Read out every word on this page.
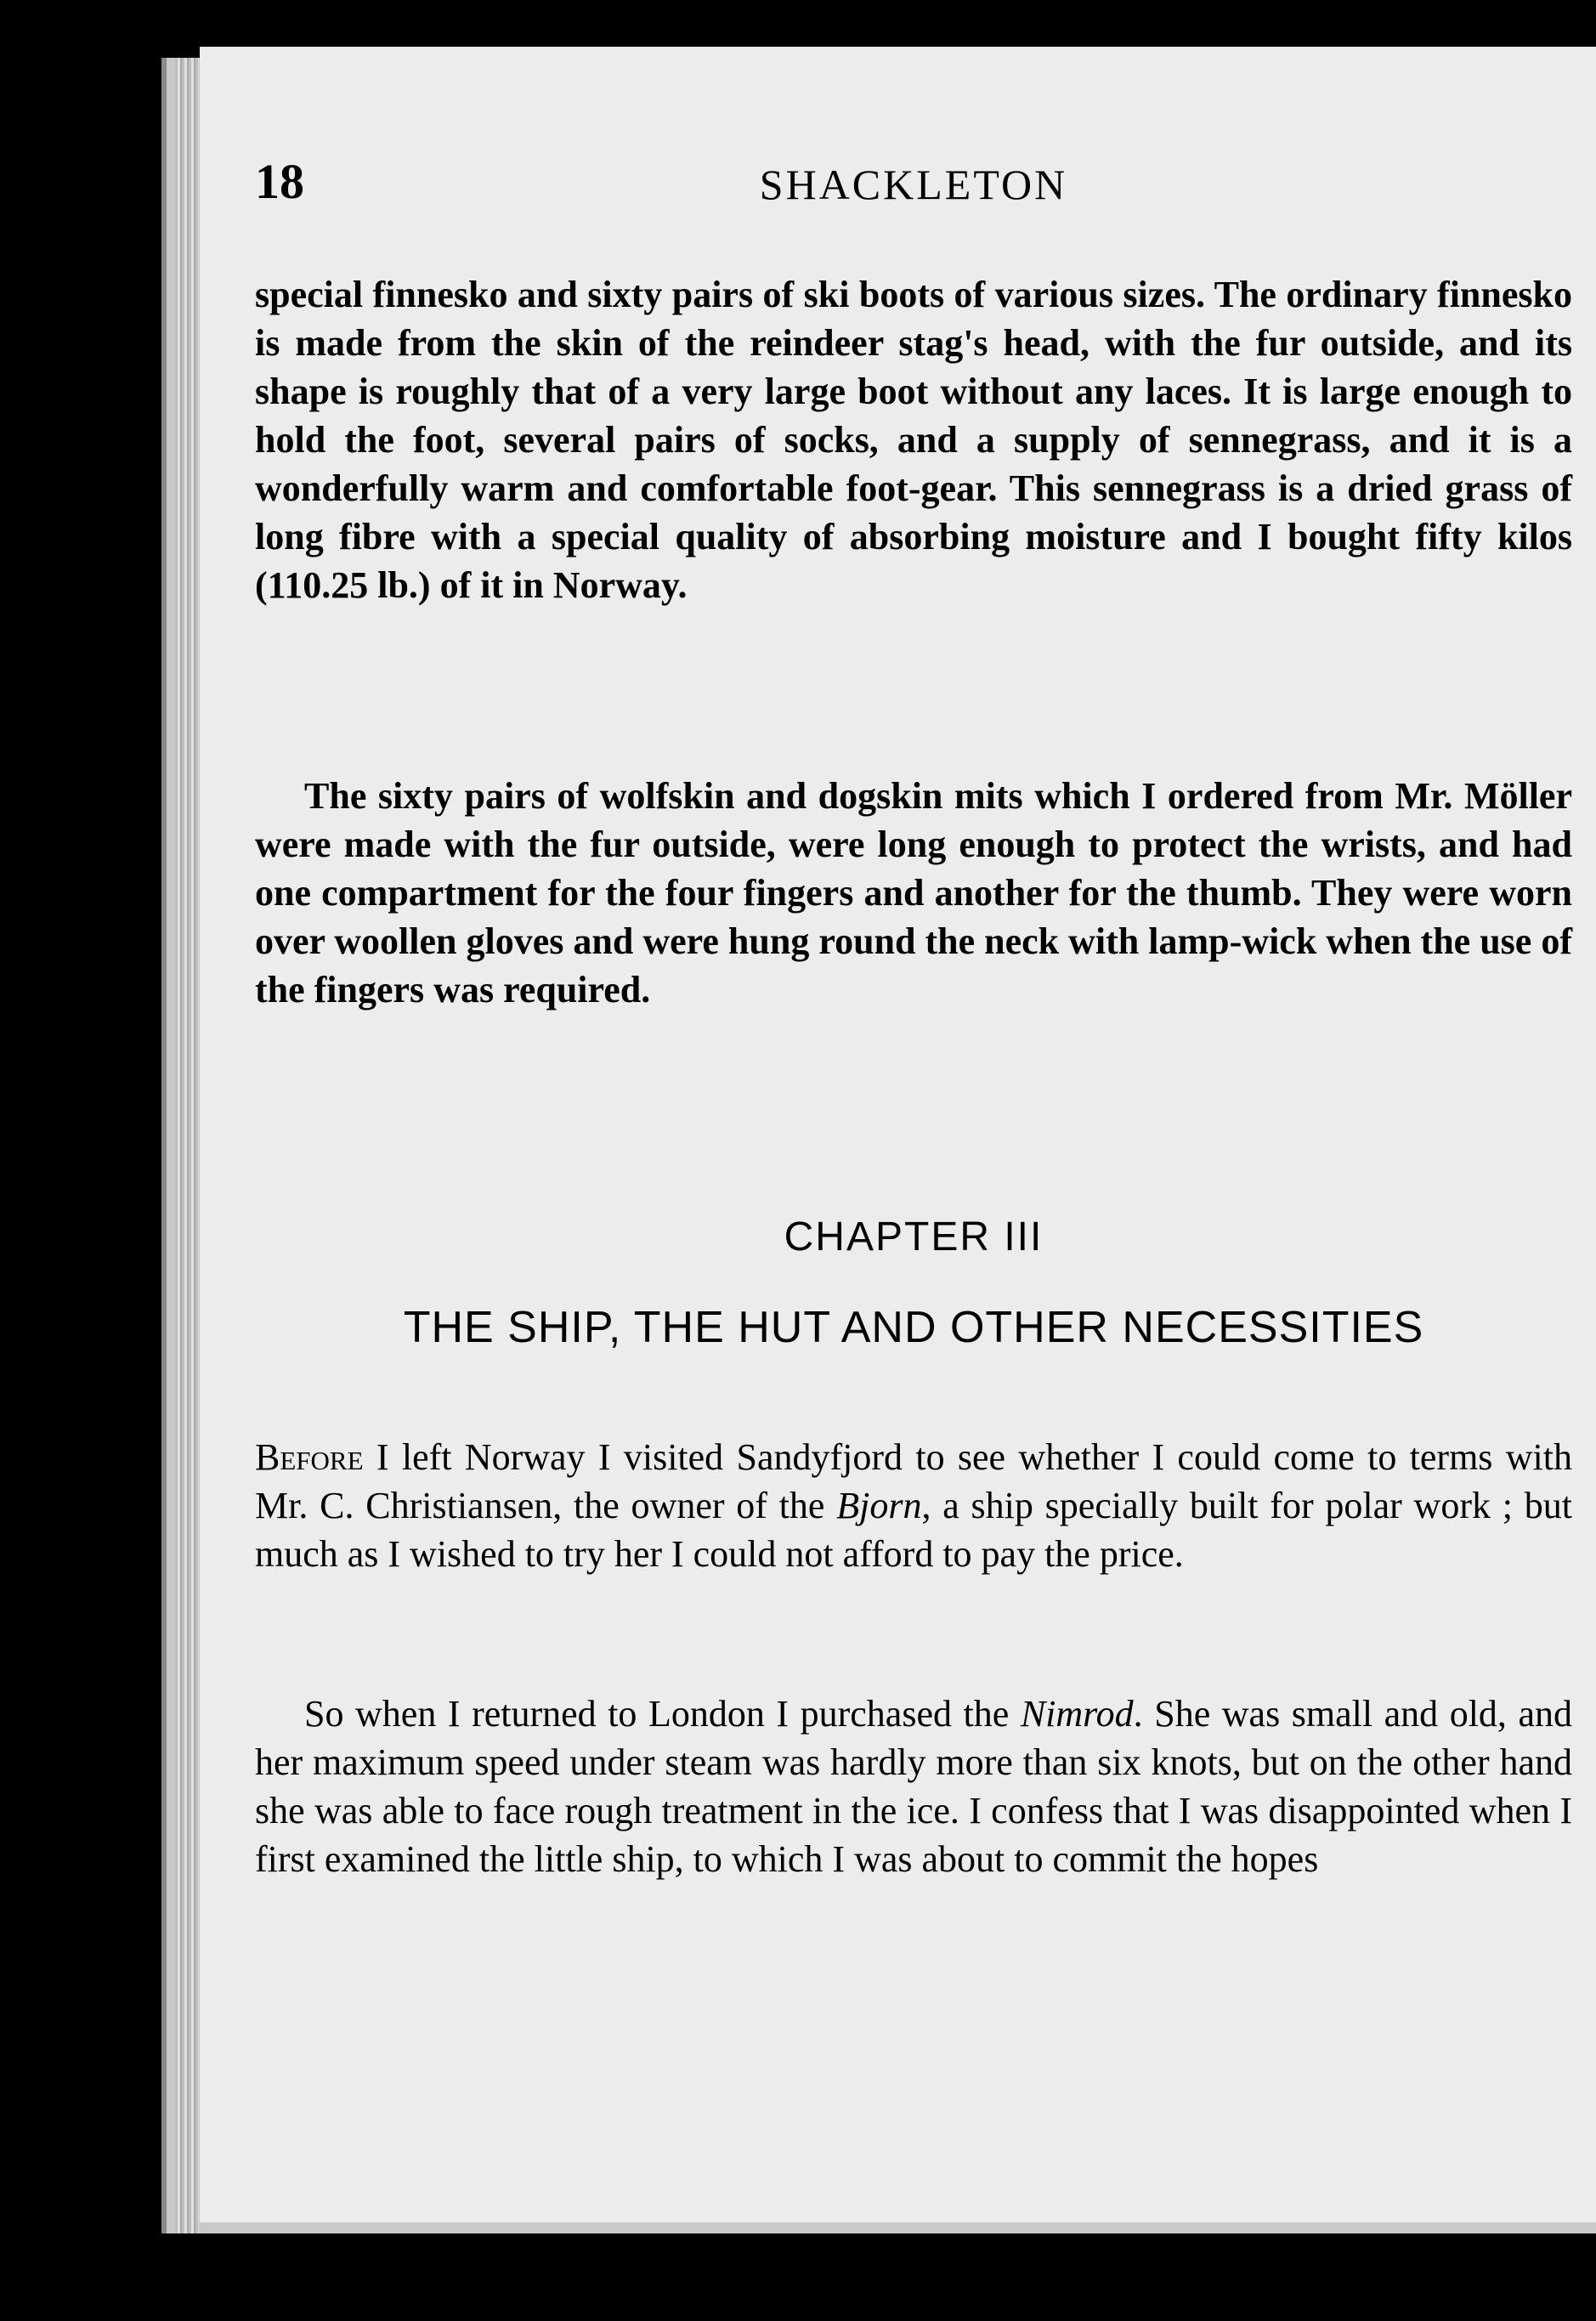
18	SHACKLETON

special finnesko and sixty pairs of ski boots of various sizes. The ordinary finnesko is made from the skin of the reindeer stag's head, with the fur outside, and its shape is roughly that of a very large boot without any laces. It is large enough to hold the foot, several pairs of socks, and a supply of sennegrass, and it is a wonderfully warm and comfortable foot-gear. This sennegrass is a dried grass of long fibre with a special quality of absorbing moisture and I bought fifty kilos (110.25 lb.) of it in Norway.

The sixty pairs of wolfskin and dogskin mits which I ordered from Mr. Möller were made with the fur outside, were long enough to protect the wrists, and had one compartment for the four fingers and another for the thumb. They were worn over woollen gloves and were hung round the neck with lamp-wick when the use of the fingers was required.

CHAPTER III
THE SHIP, THE HUT AND OTHER NECESSITIES

Before I left Norway I visited Sandyfjord to see whether I could come to terms with Mr. C. Christiansen, the owner of the Bjorn, a ship specially built for polar work ; but much as I wished to try her I could not afford to pay the price.

So when I returned to London I purchased the Nimrod. She was small and old, and her maximum speed under steam was hardly more than six knots, but on the other hand she was able to face rough treatment in the ice. I confess that I was disappointed when I first examined the little ship, to which I was about to commit the hopes
